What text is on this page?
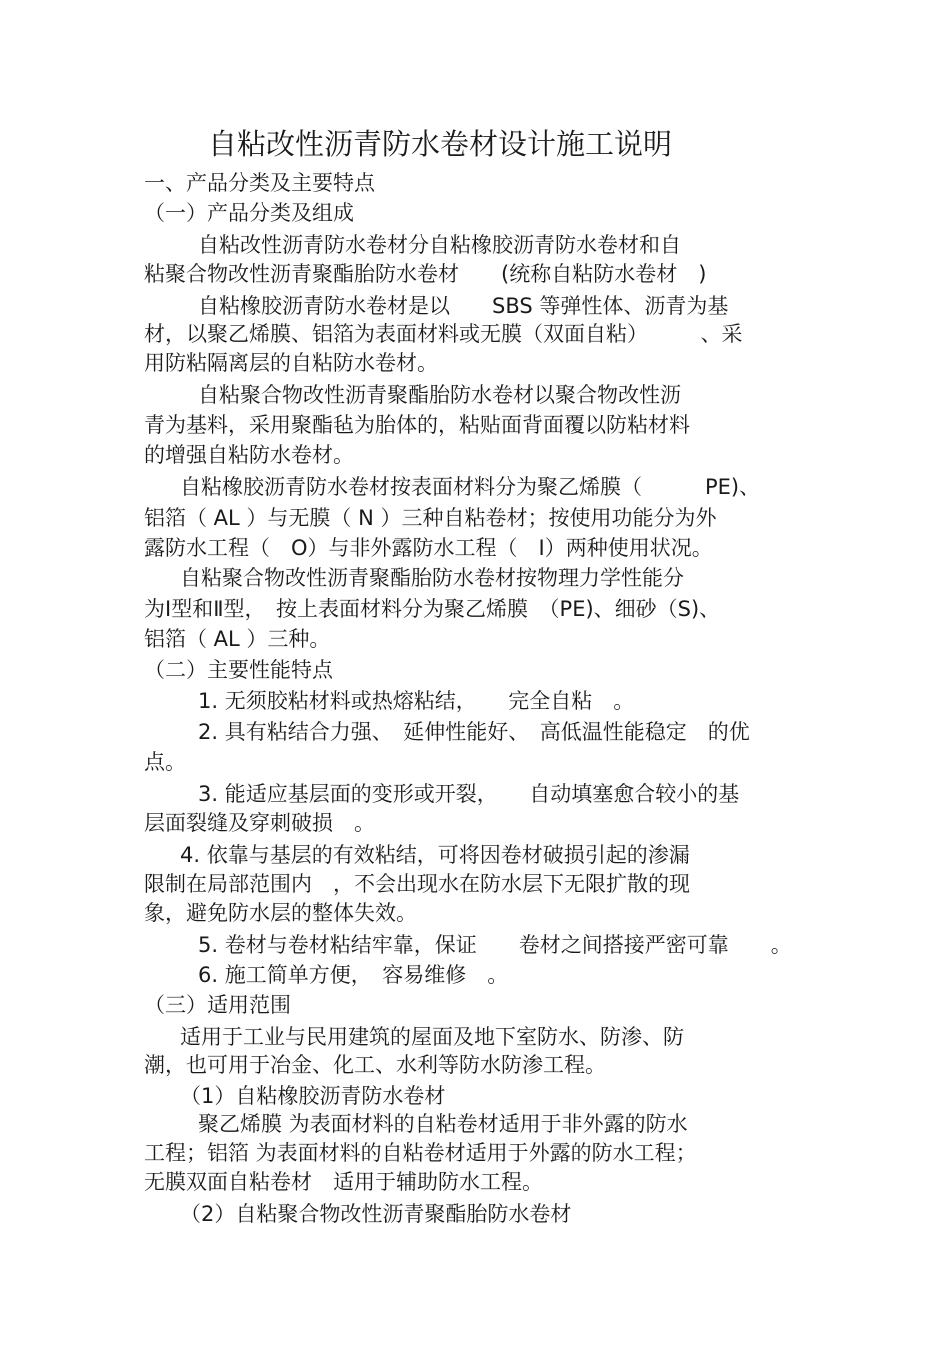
自粘改性沥青防水卷材设计施工说明
一、产品分类及主要特点
（一）产品分类及组成
自粘改性沥青防水卷材分自粘橡胶沥青防水卷材和自
粘聚合物改性沥青聚酯胎防水卷材　　(统称自粘防水卷材　)
自粘橡胶沥青防水卷材是以　　SBS 等弹性体、沥青为基
材，以聚乙烯膜、铝箔为表面材料或无膜（双面自粘）　　　、采
用防粘隔离层的自粘防水卷材。
自粘聚合物改性沥青聚酯胎防水卷材以聚合物改性沥
青为基料，采用聚酯毡为胎体的，粘贴面背面覆以防粘材料
的增强自粘防水卷材。
自粘橡胶沥青防水卷材按表面材料分为聚乙烯膜（　　　PE)、
铝箔（ AL ）与无膜（ N ）三种自粘卷材；按使用功能分为外
露防水工程（　O）与非外露防水工程（　I）两种使用状况。
自粘聚合物改性沥青聚酯胎防水卷材按物理力学性能分
为Ⅰ型和Ⅱ型，　按上表面材料分为聚乙烯膜　（PE)、细砂（S)、
铝箔（ AL ）三种。
（二）主要性能特点
1. 无须胶粘材料或热熔粘结，　　完全自粘　。
2. 具有粘结合力强、　延伸性能好、　高低温性能稳定　的优
点。
3. 能适应基层面的变形或开裂，　　自动填塞愈合较小的基
层面裂缝及穿刺破损　。
4. 依靠与基层的有效粘结，可将因卷材破损引起的渗漏
限制在局部范围内　，不会出现水在防水层下无限扩散的现
象，避免防水层的整体失效。
5. 卷材与卷材粘结牢靠，保证　　卷材之间搭接严密可靠　　。
6. 施工简单方便，　容易维修　。
（三）适用范围
适用于工业与民用建筑的屋面及地下室防水、防渗、防
潮，也可用于冶金、化工、水利等防水防渗工程。
（1）自粘橡胶沥青防水卷材
聚乙烯膜 为表面材料的自粘卷材适用于非外露的防水
工程；铝箔 为表面材料的自粘卷材适用于外露的防水工程；
无膜双面自粘卷材　适用于辅助防水工程。
（2）自粘聚合物改性沥青聚酯胎防水卷材
